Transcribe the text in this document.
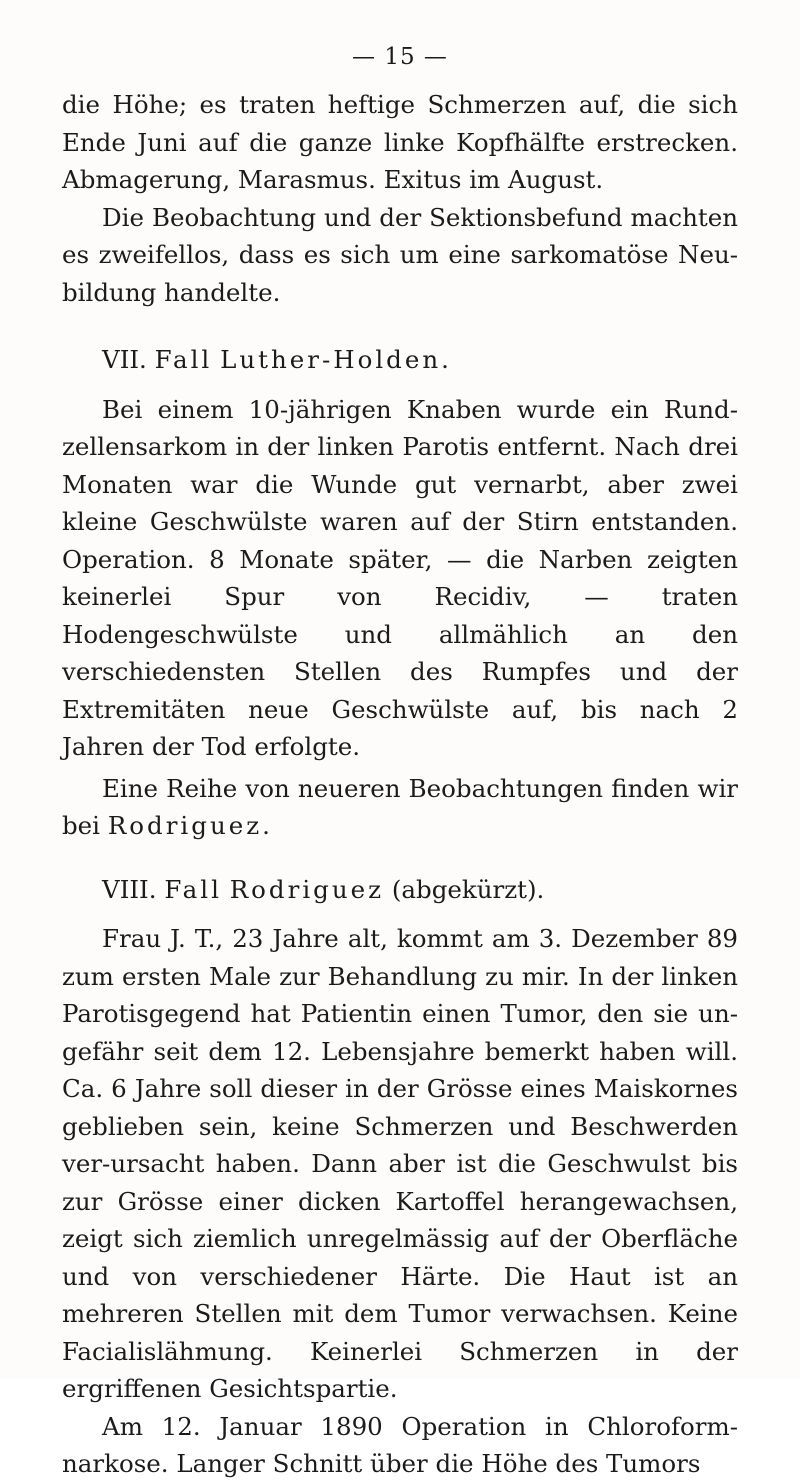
— 15 —

die Höhe; es traten heftige Schmerzen auf, die sich Ende Juni auf die ganze linke Kopfhälfte erstrecken. Abmagerung, Marasmus. Exitus im August.

Die Beobachtung und der Sektionsbefund machten es zweifellos, dass es sich um eine sarkomatöse Neu-bildung handelte.

VII. Fall Luther-Holden.

Bei einem 10-jährigen Knaben wurde ein Rund-zellensarkom in der linken Parotis entfernt. Nach drei Monaten war die Wunde gut vernarbt, aber zwei kleine Geschwülste waren auf der Stirn entstanden. Operation. 8 Monate später, — die Narben zeigten keinerlei Spur von Recidiv, — traten Hodengeschwülste und allmählich an den verschiedensten Stellen des Rumpfes und der Extremitäten neue Geschwülste auf, bis nach 2 Jahren der Tod erfolgte.

Eine Reihe von neueren Beobachtungen finden wir bei Rodriguez.

VIII. Fall Rodriguez (abgekürzt).

Frau J. T., 23 Jahre alt, kommt am 3. Dezember 89 zum ersten Male zur Behandlung zu mir. In der linken Parotisgegend hat Patientin einen Tumor, den sie un-gefähr seit dem 12. Lebensjahre bemerkt haben will. Ca. 6 Jahre soll dieser in der Grösse eines Maiskornes geblieben sein, keine Schmerzen und Beschwerden ver-ursacht haben. Dann aber ist die Geschwulst bis zur Grösse einer dicken Kartoffel herangewachsen, zeigt sich ziemlich unregelmässig auf der Oberfläche und von verschiedener Härte. Die Haut ist an mehreren Stellen mit dem Tumor verwachsen. Keine Facialislähmung. Keinerlei Schmerzen in der ergriffenen Gesichtspartie.

Am 12. Januar 1890 Operation in Chloroform-narkose. Langer Schnitt über die Höhe des Tumors
